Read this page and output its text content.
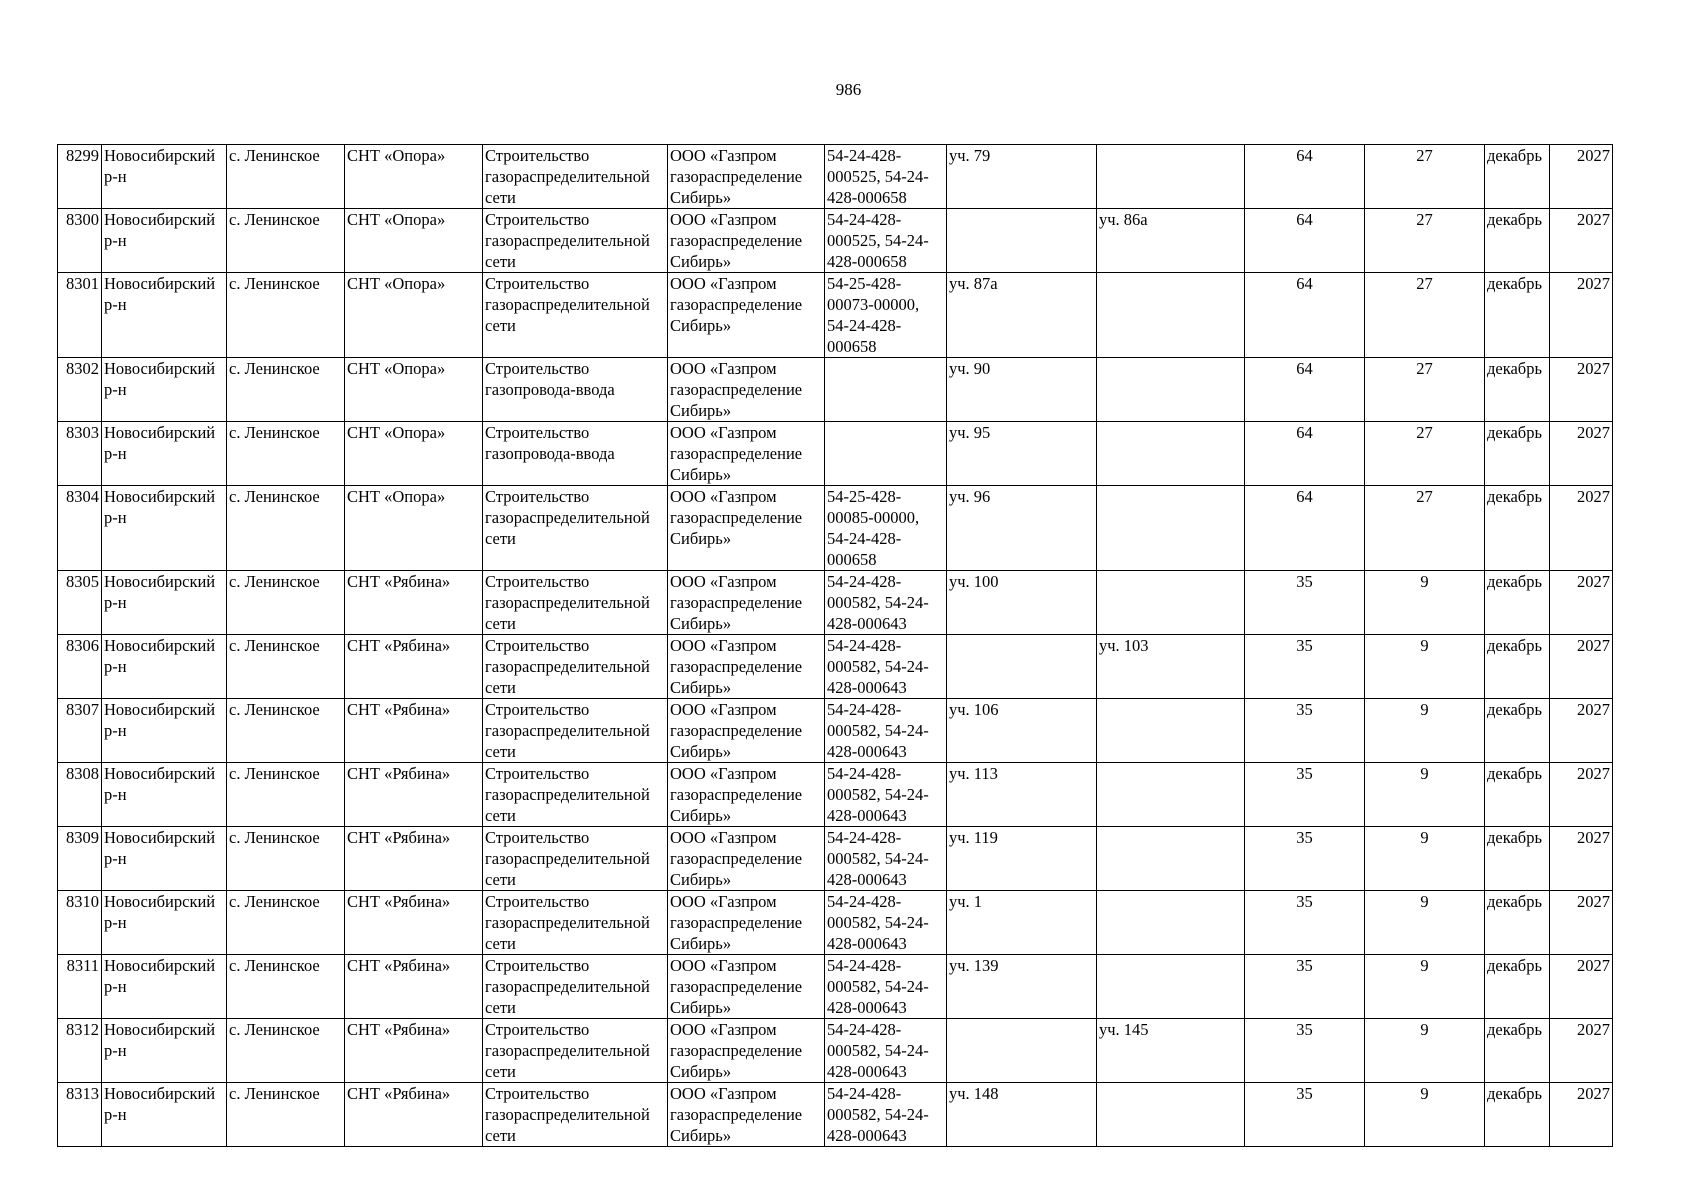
986
8299	Новосибирский р-н	с. Ленинское	СНТ «Опора»	Строительство газораспределительной сети	ООО «Газпром газораспределение Сибирь»	54-24-428-000525, 54-24-428-000658	уч. 79		64	27	декабрь	2027
8300	Новосибирский р-н	с. Ленинское	СНТ «Опора»	Строительство газораспределительной сети	ООО «Газпром газораспределение Сибирь»	54-24-428-000525, 54-24-428-000658		уч. 86а	64	27	декабрь	2027
8301	Новосибирский р-н	с. Ленинское	СНТ «Опора»	Строительство газораспределительной сети	ООО «Газпром газораспределение Сибирь»	54-25-428-00073-00000, 54-24-428-000658	уч. 87а		64	27	декабрь	2027
8302	Новосибирский р-н	с. Ленинское	СНТ «Опора»	Строительство газопровода-ввода	ООО «Газпром газораспределение Сибирь»		уч. 90		64	27	декабрь	2027
8303	Новосибирский р-н	с. Ленинское	СНТ «Опора»	Строительство газопровода-ввода	ООО «Газпром газораспределение Сибирь»		уч. 95		64	27	декабрь	2027
8304	Новосибирский р-н	с. Ленинское	СНТ «Опора»	Строительство газораспределительной сети	ООО «Газпром газораспределение Сибирь»	54-25-428-00085-00000, 54-24-428-000658	уч. 96		64	27	декабрь	2027
8305	Новосибирский р-н	с. Ленинское	СНТ «Рябина»	Строительство газораспределительной сети	ООО «Газпром газораспределение Сибирь»	54-24-428-000582, 54-24-428-000643	уч. 100		35	9	декабрь	2027
8306	Новосибирский р-н	с. Ленинское	СНТ «Рябина»	Строительство газораспределительной сети	ООО «Газпром газораспределение Сибирь»	54-24-428-000582, 54-24-428-000643		уч. 103	35	9	декабрь	2027
8307	Новосибирский р-н	с. Ленинское	СНТ «Рябина»	Строительство газораспределительной сети	ООО «Газпром газораспределение Сибирь»	54-24-428-000582, 54-24-428-000643	уч. 106		35	9	декабрь	2027
8308	Новосибирский р-н	с. Ленинское	СНТ «Рябина»	Строительство газораспределительной сети	ООО «Газпром газораспределение Сибирь»	54-24-428-000582, 54-24-428-000643	уч. 113		35	9	декабрь	2027
8309	Новосибирский р-н	с. Ленинское	СНТ «Рябина»	Строительство газораспределительной сети	ООО «Газпром газораспределение Сибирь»	54-24-428-000582, 54-24-428-000643	уч. 119		35	9	декабрь	2027
8310	Новосибирский р-н	с. Ленинское	СНТ «Рябина»	Строительство газораспределительной сети	ООО «Газпром газораспределение Сибирь»	54-24-428-000582, 54-24-428-000643	уч. 1		35	9	декабрь	2027
8311	Новосибирский р-н	с. Ленинское	СНТ «Рябина»	Строительство газораспределительной сети	ООО «Газпром газораспределение Сибирь»	54-24-428-000582, 54-24-428-000643	уч. 139		35	9	декабрь	2027
8312	Новосибирский р-н	с. Ленинское	СНТ «Рябина»	Строительство газораспределительной сети	ООО «Газпром газораспределение Сибирь»	54-24-428-000582, 54-24-428-000643		уч. 145	35	9	декабрь	2027
8313	Новосибирский р-н	с. Ленинское	СНТ «Рябина»	Строительство газораспределительной сети	ООО «Газпром газораспределение Сибирь»	54-24-428-000582, 54-24-428-000643	уч. 148		35	9	декабрь	2027
